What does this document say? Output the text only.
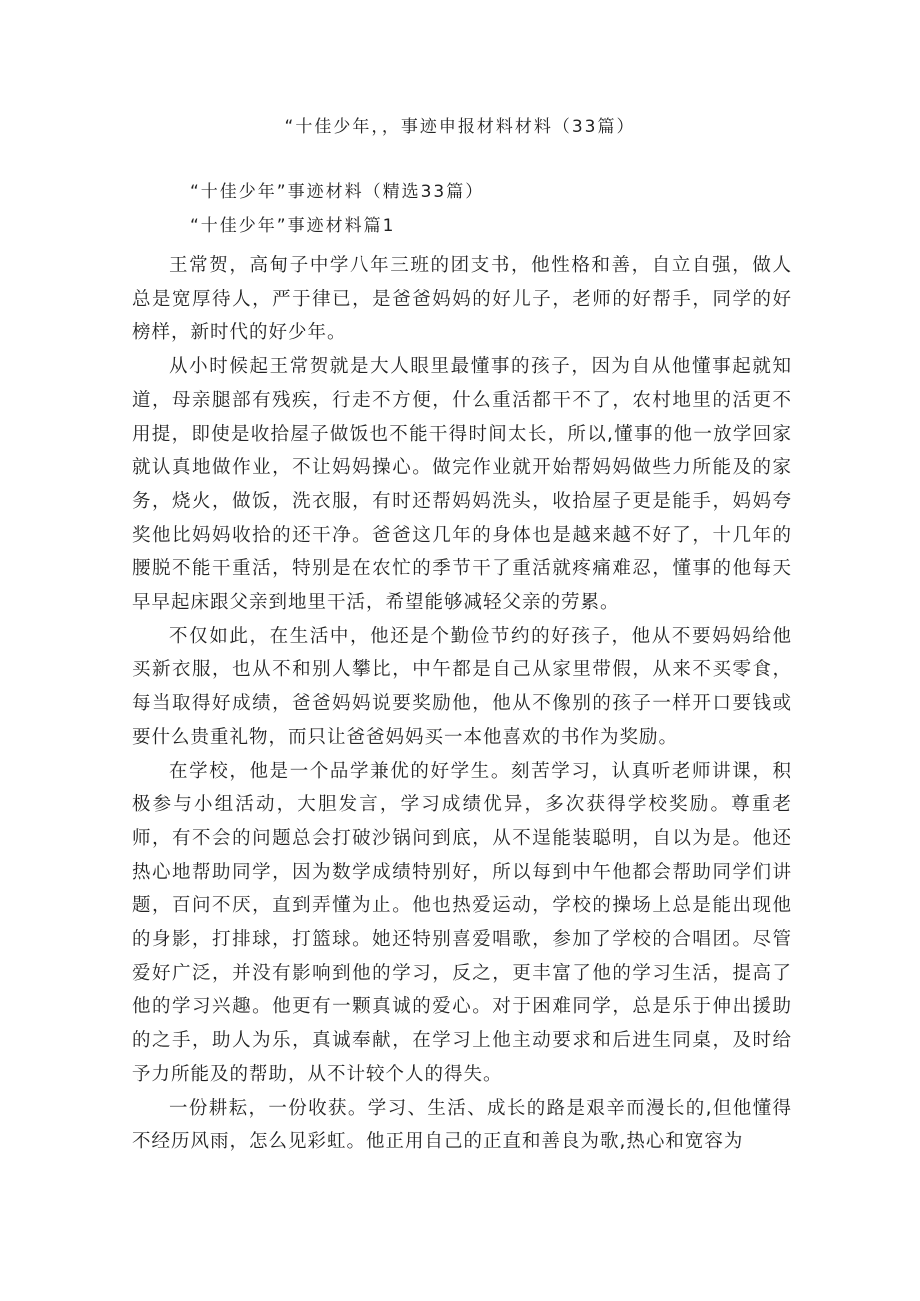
“十佳少年，，事迹申报材料材料（33篇）
“十佳少年”事迹材料（精选33篇）
“十佳少年”事迹材料篇1

王常贺，高甸子中学八年三班的团支书，他性格和善，自立自强，做人总是宽厚待人，严于律已，是爸爸妈妈的好儿子，老师的好帮手，同学的好榜样，新时代的好少年。

从小时候起王常贺就是大人眼里最懂事的孩子，因为自从他懂事起就知道，母亲腿部有残疾，行走不方便，什么重活都干不了，农村地里的活更不用提，即使是收拾屋子做饭也不能干得时间太长，所以,懂事的他一放学回家就认真地做作业，不让妈妈操心。做完作业就开始帮妈妈做些力所能及的家务，烧火，做饭，洗衣服，有时还帮妈妈洗头，收拾屋子更是能手，妈妈夸奖他比妈妈收拾的还干净。爸爸这几年的身体也是越来越不好了，十几年的腰脱不能干重活，特别是在农忙的季节干了重活就疼痛难忍，懂事的他每天早早起床跟父亲到地里干活，希望能够减轻父亲的劳累。

不仅如此，在生活中，他还是个勤俭节约的好孩子，他从不要妈妈给他买新衣服，也从不和别人攀比，中午都是自己从家里带假，从来不买零食，每当取得好成绩，爸爸妈妈说要奖励他，他从不像别的孩子一样开口要钱或要什么贵重礼物，而只让爸爸妈妈买一本他喜欢的书作为奖励。

在学校，他是一个品学兼优的好学生。刻苦学习，认真听老师讲课，积极参与小组活动，大胆发言，学习成绩优异，多次获得学校奖励。尊重老师，有不会的问题总会打破沙锅问到底，从不逞能装聪明，自以为是。他还热心地帮助同学，因为数学成绩特别好，所以每到中午他都会帮助同学们讲题，百问不厌，直到弄懂为止。他也热爱运动，学校的操场上总是能出现他的身影，打排球，打篮球。她还特别喜爱唱歌，参加了学校的合唱团。尽管爱好广泛，并没有影响到他的学习，反之，更丰富了他的学习生活，提高了他的学习兴趣。他更有一颗真诚的爱心。对于困难同学，总是乐于伸出援助的之手，助人为乐，真诚奉献，在学习上他主动要求和后进生同桌，及时给予力所能及的帮助，从不计较个人的得失。

一份耕耘，一份收获。学习、生活、成长的路是艰辛而漫长的,但他懂得不经历风雨，怎么见彩虹。他正用自己的正直和善良为歌,热心和宽容为
